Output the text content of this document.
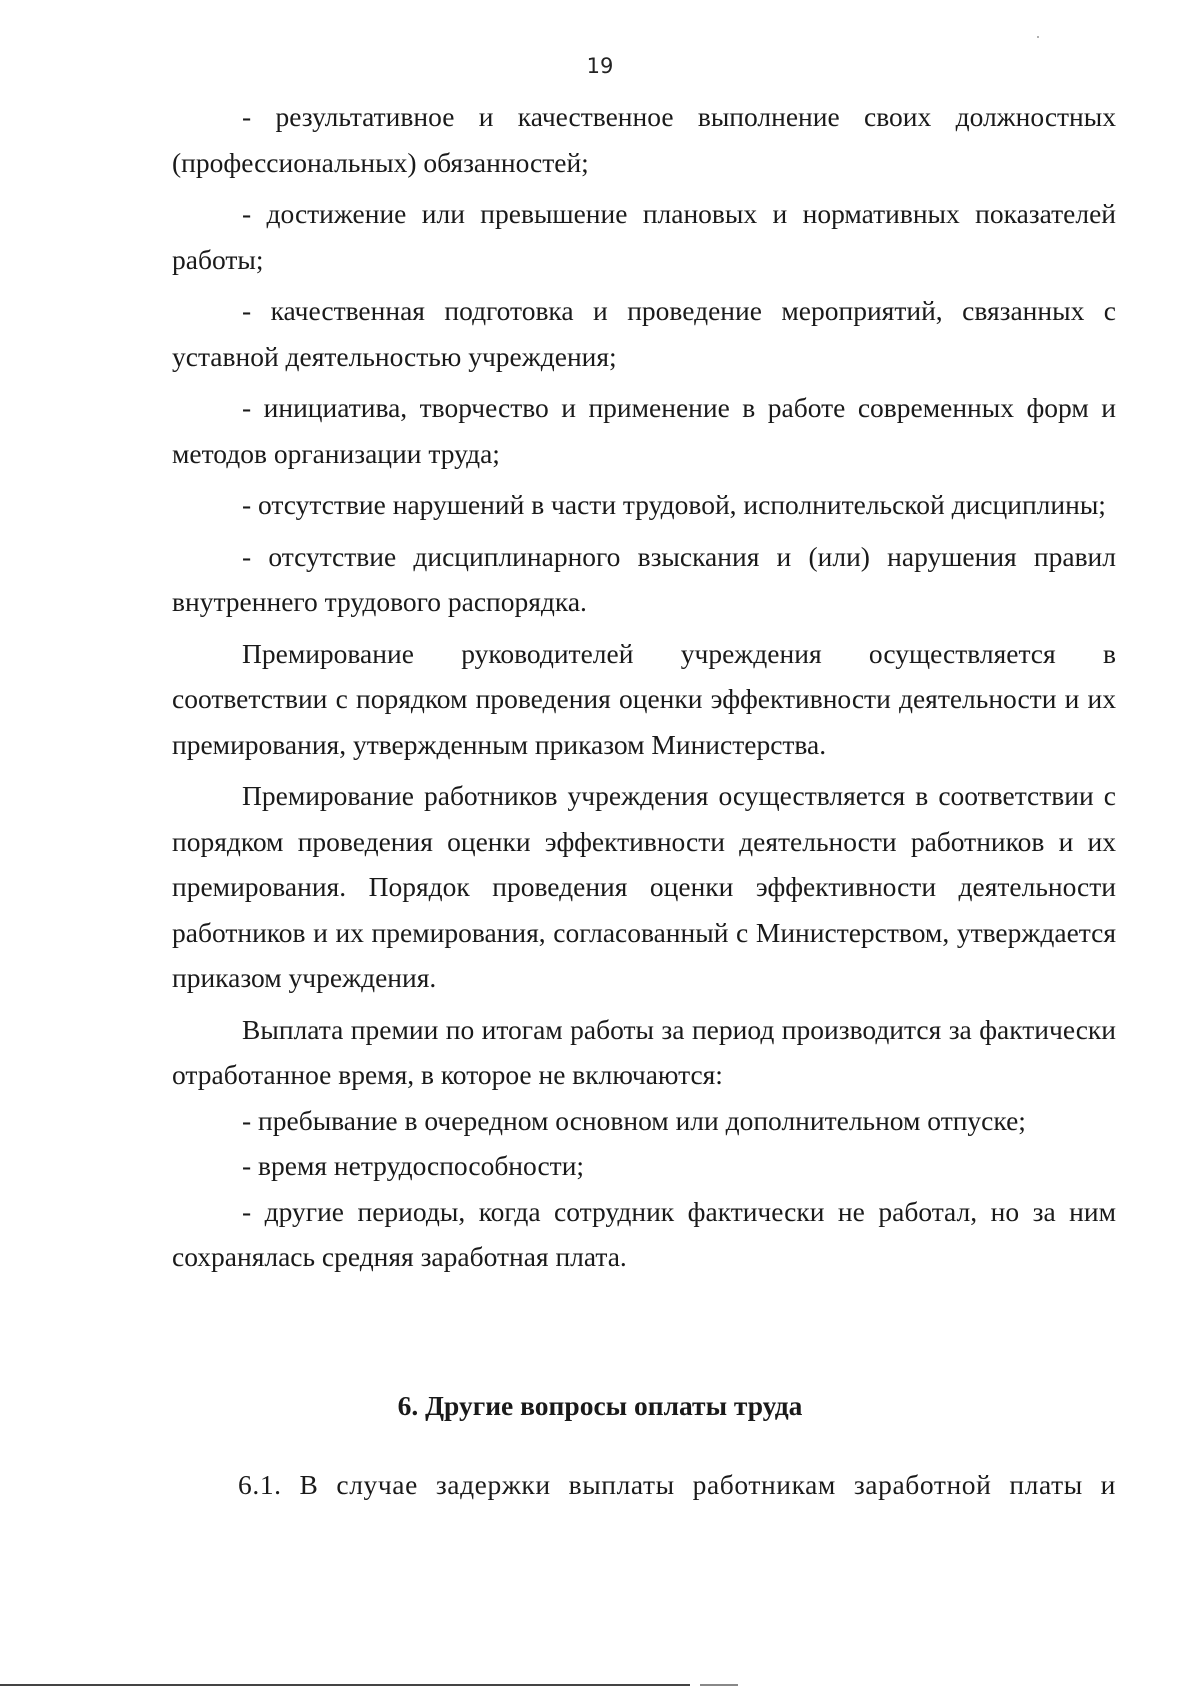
19

- результативное и качественное выполнение своих должностных (профессиональных) обязанностей;

- достижение или превышение плановых и нормативных показателей работы;

- качественная подготовка и проведение мероприятий, связанных с уставной деятельностью учреждения;

- инициатива, творчество и применение в работе современных форм и методов организации труда;

- отсутствие нарушений в части трудовой, исполнительской дисциплины;

- отсутствие дисциплинарного взыскания и (или) нарушения правил внутреннего трудового распорядка.

Премирование руководителей учреждения осуществляется в соответствии с порядком проведения оценки эффективности деятельности и их премирования, утвержденным приказом Министерства.

Премирование работников учреждения осуществляется в соответствии с порядком проведения оценки эффективности деятельности работников и их премирования. Порядок проведения оценки эффективности деятельности работников и их премирования, согласованный с Министерством, утверждается приказом учреждения.

Выплата премии по итогам работы за период производится за фактически отработанное время, в которое не включаются:

- пребывание в очередном основном или дополнительном отпуске;

- время нетрудоспособности;

- другие периоды, когда сотрудник фактически не работал, но за ним сохранялась средняя заработная плата.

6. Другие вопросы оплаты труда
6.1. В случае задержки выплаты работникам заработной платы и
